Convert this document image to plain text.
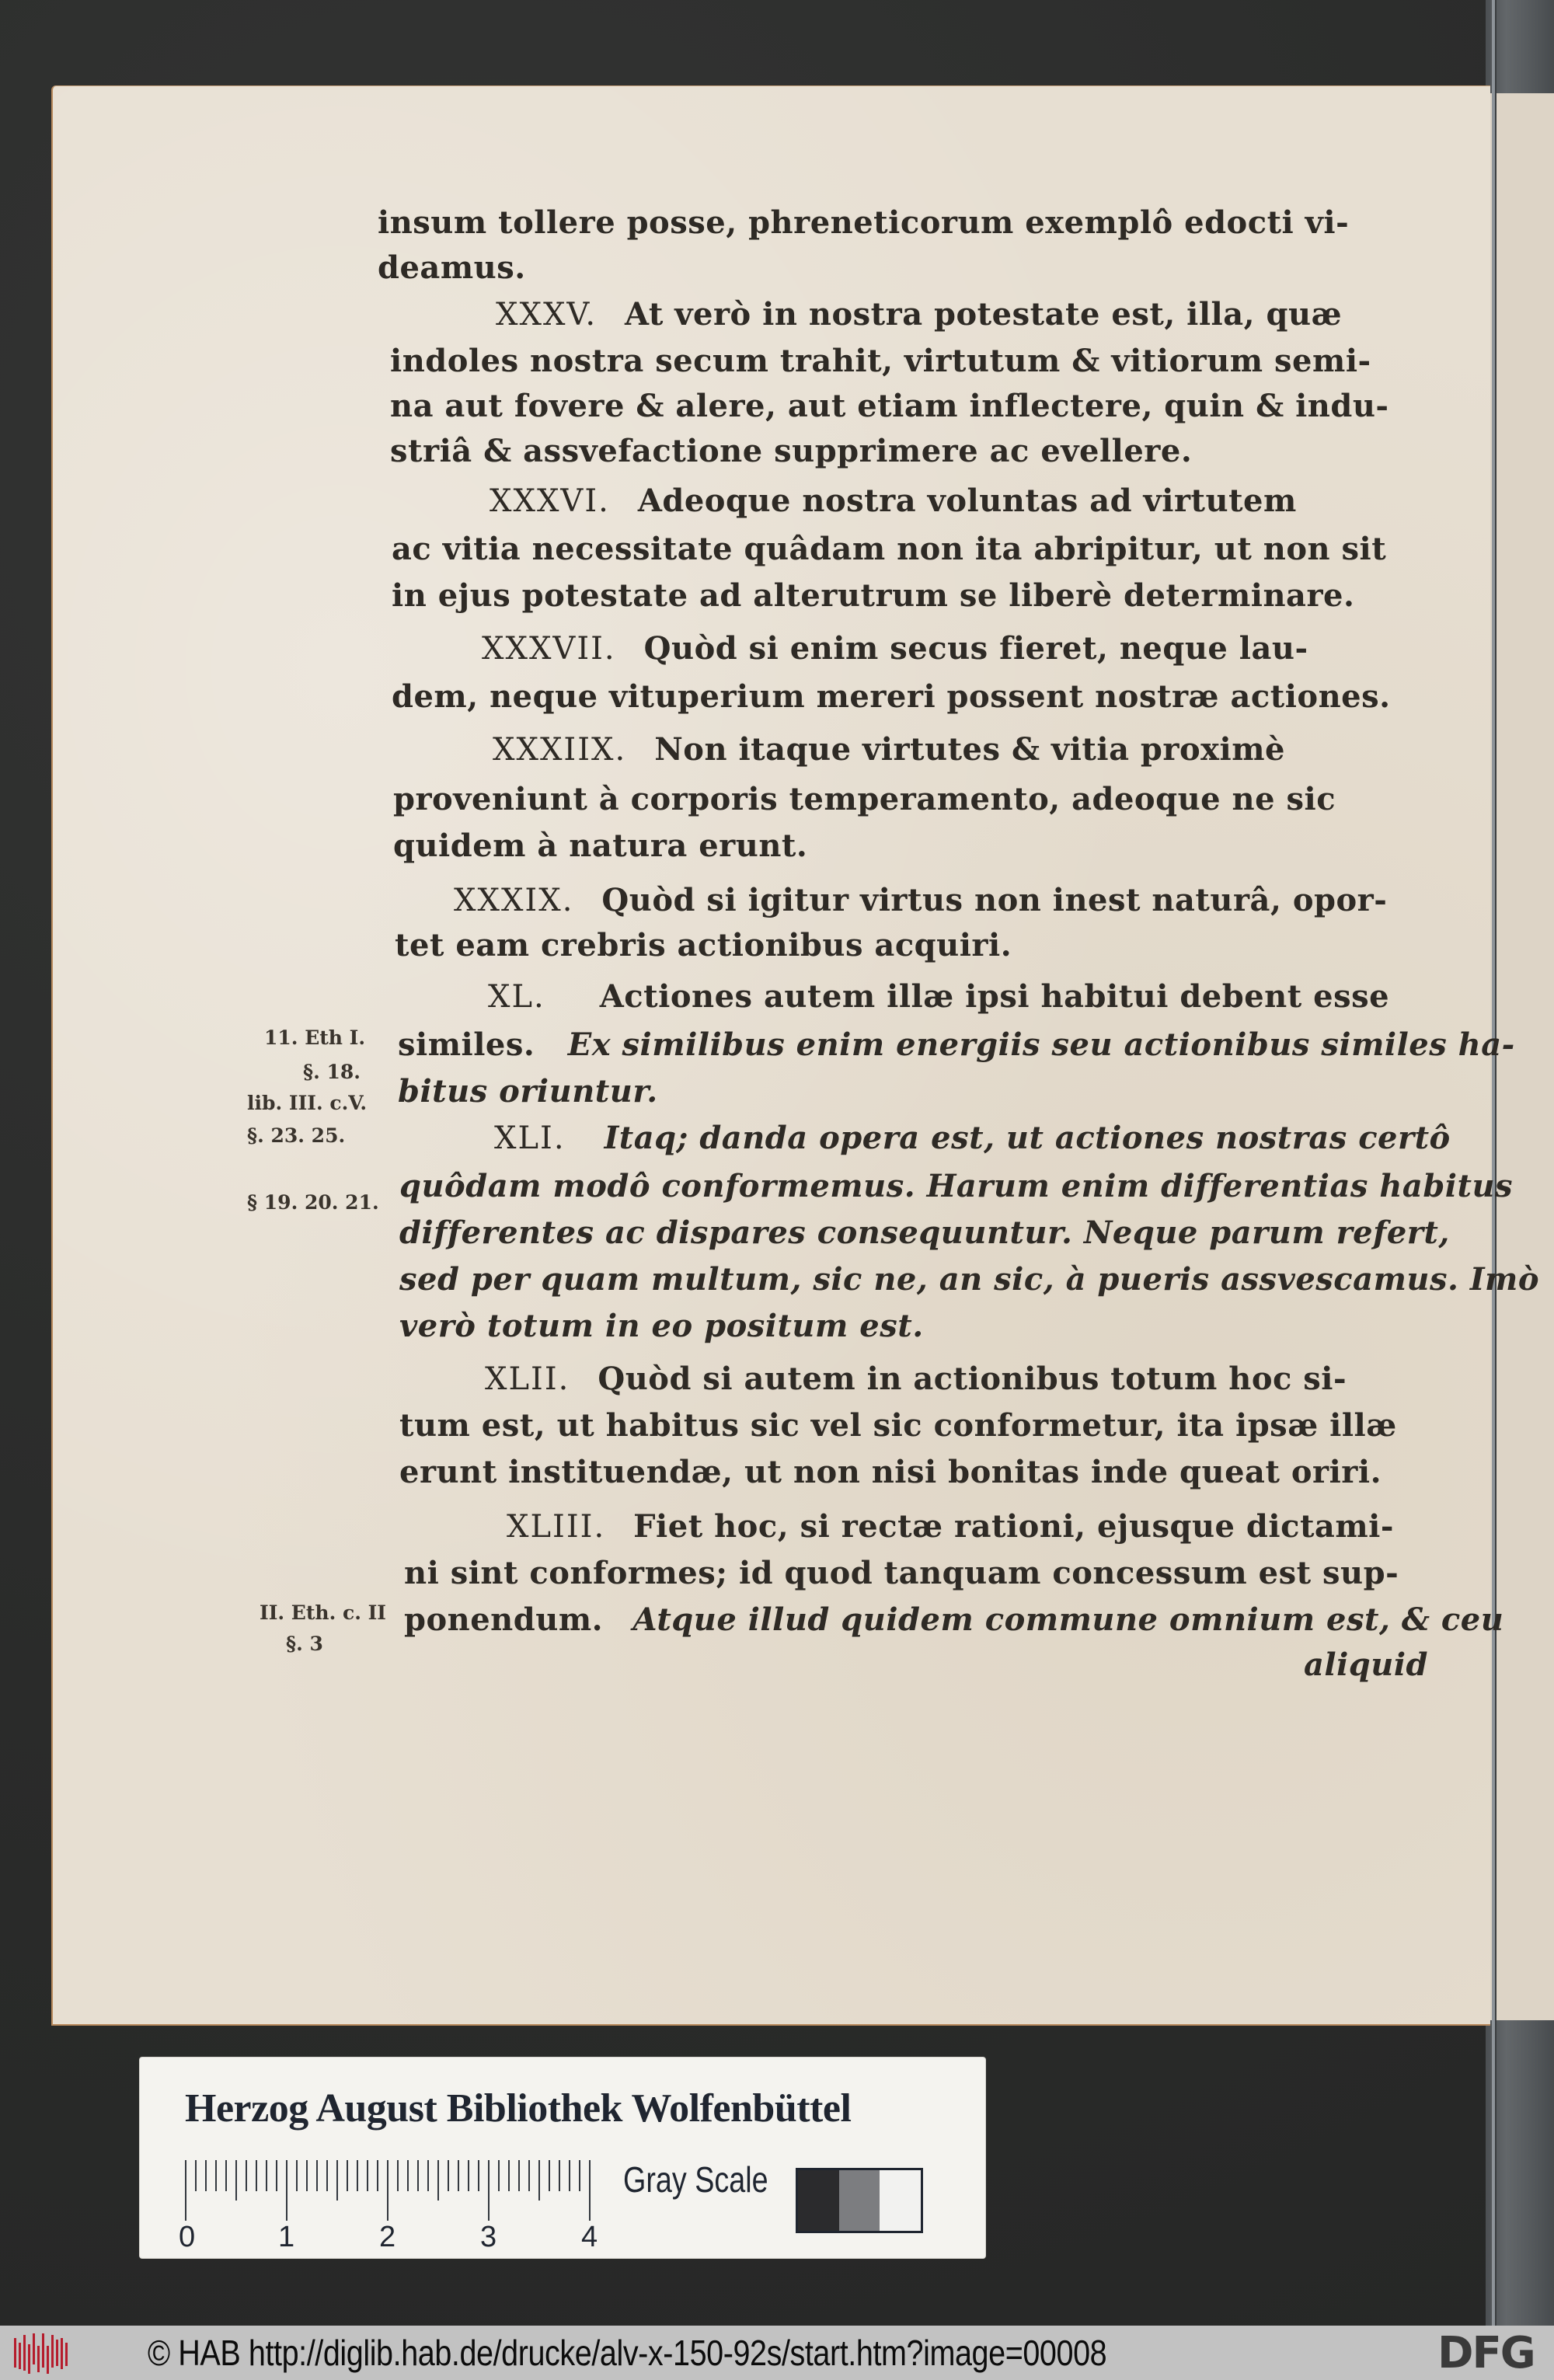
insum tollere posse, phreneticorum exemplô edocti vi-
deamus.
XXXV. At verò in nostra potestate est, illa, quæ
indoles nostra secum trahit, virtutum & vitiorum semi-
na aut fovere & alere, aut etiam inflectere, quin & indu-
striâ & assvefactione supprimere ac evellere.
XXXVI. Adeoque nostra voluntas ad virtutem
ac vitia necessitate quâdam non ita abripitur, ut non sit
in ejus potestate ad alterutrum se liberè determinare.
XXXVII. Quòd si enim secus fieret, neque lau-
dem, neque vituperium mereri possent nostræ actiones.
XXXIIX. Non itaque virtutes & vitia proximè
proveniunt à corporis temperamento, adeoque ne sic
quidem à natura erunt.
XXXIX. Quòd si igitur virtus non inest naturâ, opor-
tet eam crebris actionibus acquiri.
XL. Actiones autem illæ ipsi habitui debent esse
similes. Ex similibus enim energiis seu actionibus similes ha-
bitus oriuntur.
XLI. Itaq; danda opera est, ut actiones nostras certô
quôdam modô conformemus. Harum enim differentias habitus
differentes ac dispares consequuntur. Neque parum refert,
sed per quam multum, sic ne, an sic, à pueris assvescamus. Imò
verò totum in eo positum est.
XLII. Quòd si autem in actionibus totum hoc si-
tum est, ut habitus sic vel sic conformetur, ita ipsæ illæ
erunt instituendæ, ut non nisi bonitas inde queat oriri.
XLIII. Fiet hoc, si rectæ rationi, ejusque dictami-
ni sint conformes; id quod tanquam concessum est sup-
ponendum. Atque illud quidem commune omnium est, & ceu
aliquid
11. Eth I.
§. 18.
lib. III. c.V.
§. 23. 25.
§ 19. 20. 21.
II. Eth. c. II
§. 3
Herzog August Bibliothek Wolfenbüttel
0	1	2	3	4
Gray Scale
© HAB http://diglib.hab.de/drucke/alv-x-150-92s/start.htm?image=00008	DFG
